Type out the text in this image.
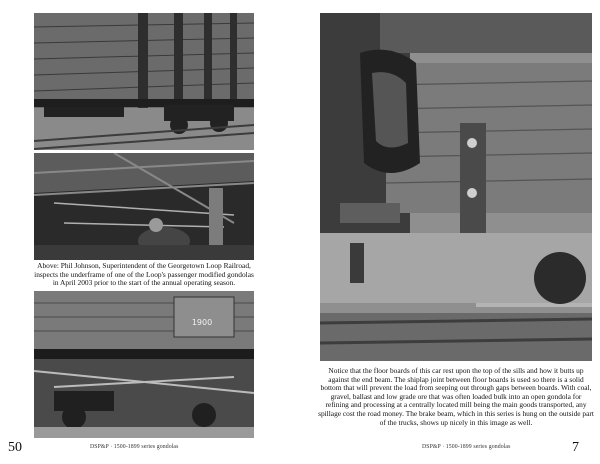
Above: Phil Johnson, Superintendent of the Georgetown Loop Railroad, inspects the underframe of one of the Loop's passenger modified gondolas in April 2003 prior to the start of the annual operating season.
1900
Notice that the floor boards of this car rest upon the top of the sills and how it butts up against the end beam. The shiplap joint between floor boards is used so there is a solid bottom that will prevent the load from seeping out through gaps between boards. With coal, gravel, ballast and low grade ore that was often loaded bulk into an open gondola for refining and processing at a centrally located mill being the main goods transported, any spillage cost the road money. The brake beam, which in this series is hung on the outside part of the trucks, shows up nicely in this image as well.
50	DSP&P · 1500-1899 series gondolas	DSP&P · 1500-1899 series gondolas	7
